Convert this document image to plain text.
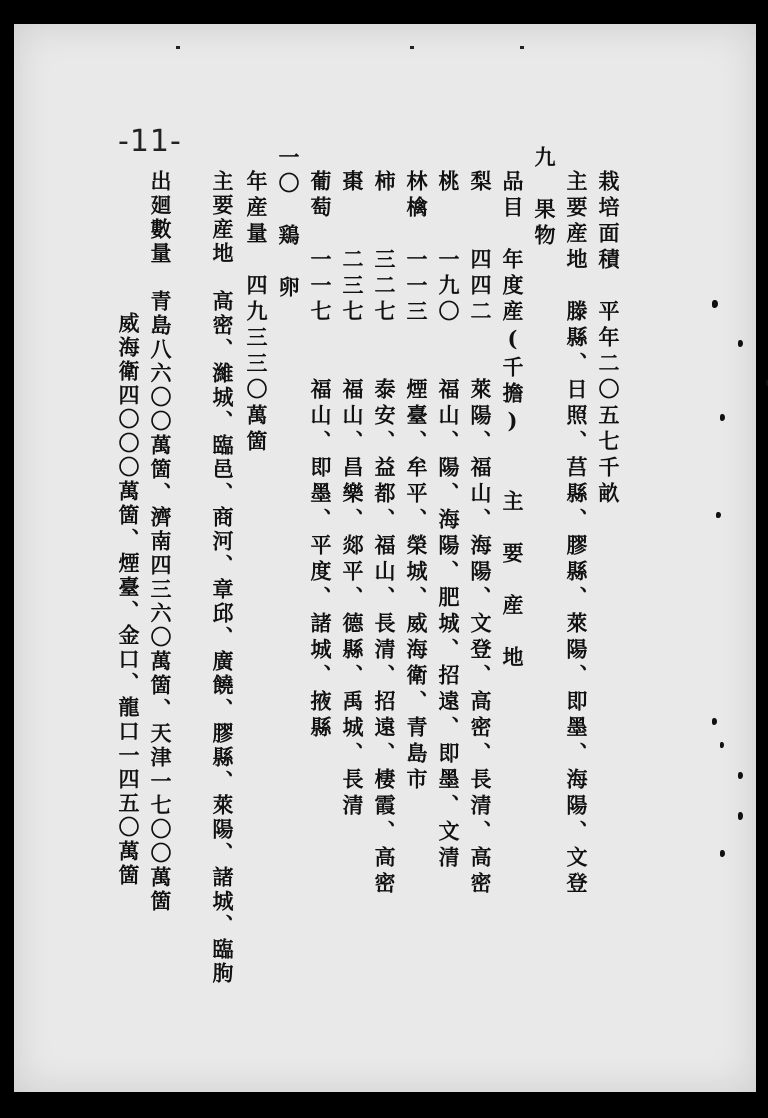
-11-
栽培面積　平年二〇五七千畝
主要産地　滕縣、日照、莒縣、膠縣、萊陽、即墨、海陽、文登
九　果物
品目　年度産(千擔)　　主　要　産　地
梨　　四四二　　萊陽、福山、海陽、文登、高密、長清、高密
桃　　一九〇　　福山、陽、海陽、肥城、招遠、即墨、文清
林檎　一一三　　煙臺、牟平、榮城、威海衛、青島市
柿　　三二七　　泰安、益都、福山、長清、招遠、棲霞、高密
棗　　二三七　　福山、昌樂、郯平、德縣、禹城、長清
葡萄　一一七　　福山、即墨、平度、諸城、掖縣
一〇　鶏　卵
年産量　四九三三〇萬箇
主要産地　高密、濰城、臨邑、商河、章邱、廣饒、膠縣、萊陽、諸城、臨朐
出廻數量　青島八六〇〇萬箇、濟南四三六〇萬箇、天津一七〇〇萬箇
威海衛四〇〇〇萬箇、煙臺、金口、龍口一四五〇萬箇
